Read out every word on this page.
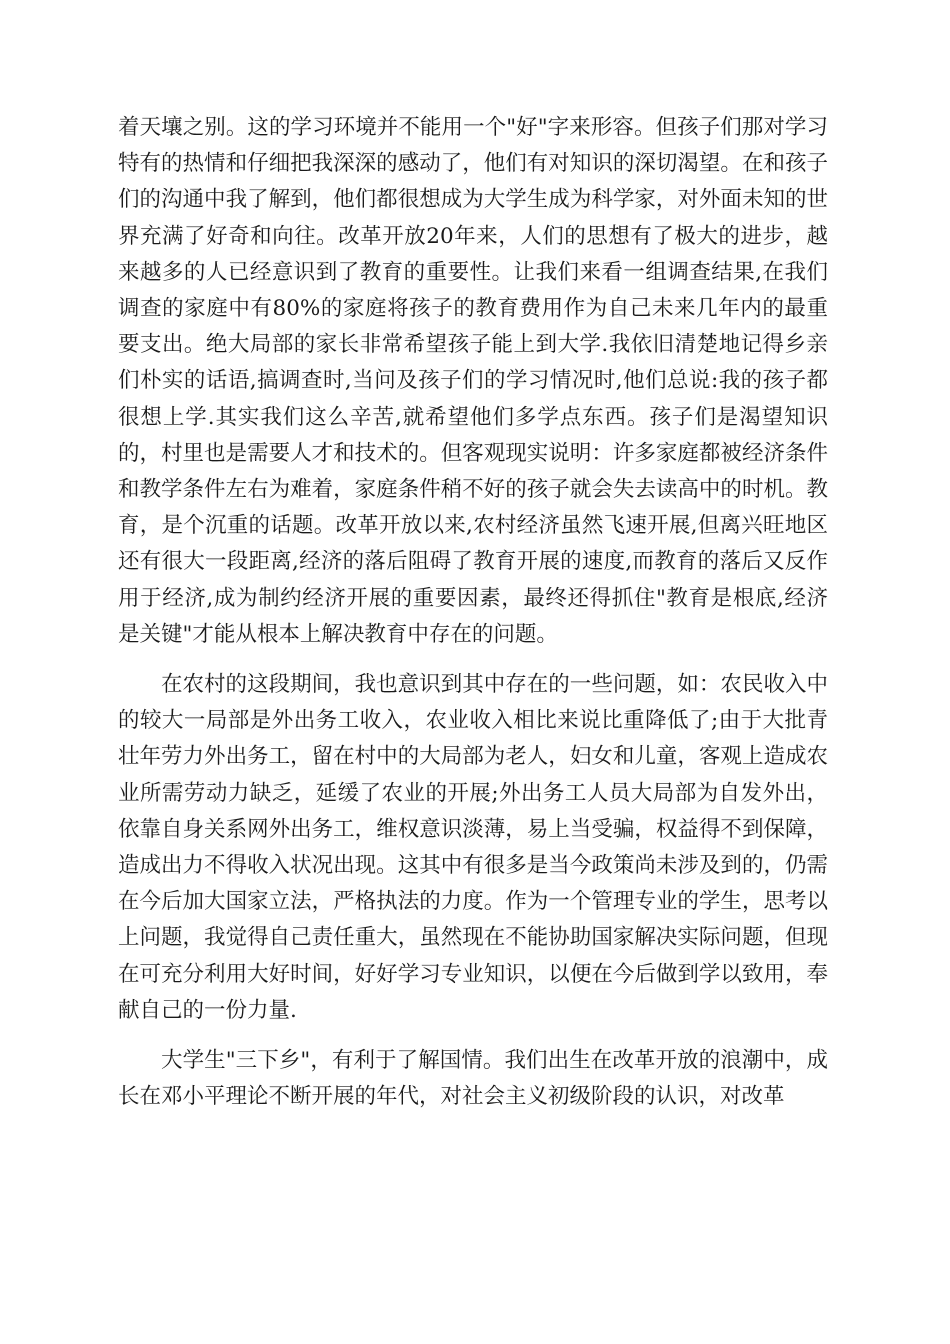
着天壤之别。这的学习环境并不能用一个"好"字来形容。但孩子们那对学习特有的热情和仔细把我深深的感动了，他们有对知识的深切渴望。在和孩子们的沟通中我了解到，他们都很想成为大学生成为科学家，对外面未知的世界充满了好奇和向往。改革开放20年来，人们的思想有了极大的进步，越来越多的人已经意识到了教育的重要性。让我们来看一组调查结果,在我们调查的家庭中有80%的家庭将孩子的教育费用作为自己未来几年内的最重要支出。绝大局部的家长非常希望孩子能上到大学.我依旧清楚地记得乡亲们朴实的话语,搞调查时,当问及孩子们的学习情况时,他们总说:我的孩子都很想上学.其实我们这么辛苦,就希望他们多学点东西。孩子们是渴望知识的，村里也是需要人才和技术的。但客观现实说明：许多家庭都被经济条件和教学条件左右为难着，家庭条件稍不好的孩子就会失去读高中的时机。教育，是个沉重的话题。改革开放以来,农村经济虽然飞速开展,但离兴旺地区还有很大一段距离,经济的落后阻碍了教育开展的速度,而教育的落后又反作用于经济,成为制约经济开展的重要因素，最终还得抓住"教育是根底,经济是关键"才能从根本上解决教育中存在的问题。

在农村的这段期间，我也意识到其中存在的一些问题，如：农民收入中的较大一局部是外出务工收入，农业收入相比来说比重降低了;由于大批青壮年劳力外出务工，留在村中的大局部为老人，妇女和儿童，客观上造成农业所需劳动力缺乏，延缓了农业的开展;外出务工人员大局部为自发外出，依靠自身关系网外出务工，维权意识淡薄，易上当受骗，权益得不到保障，造成出力不得收入状况出现。这其中有很多是当今政策尚未涉及到的，仍需在今后加大国家立法，严格执法的力度。作为一个管理专业的学生，思考以上问题，我觉得自己责任重大，虽然现在不能协助国家解决实际问题，但现在可充分利用大好时间，好好学习专业知识，以便在今后做到学以致用，奉献自己的一份力量.

大学生"三下乡"，有利于了解国情。我们出生在改革开放的浪潮中，成长在邓小平理论不断开展的年代，对社会主义初级阶段的认识，对改革
